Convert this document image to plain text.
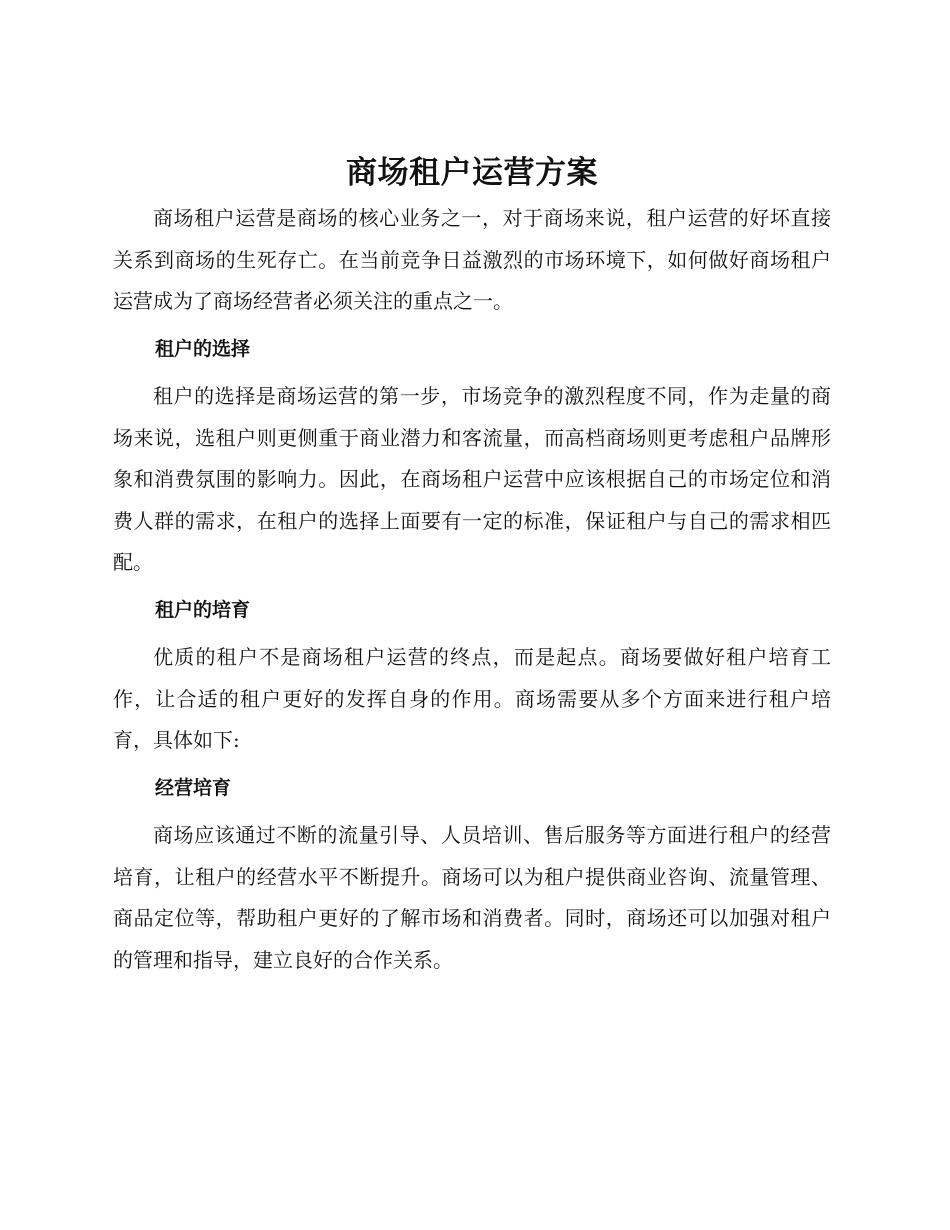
商场租户运营方案

商场租户运营是商场的核心业务之一，对于商场来说，租户运营的好坏直接关系到商场的生死存亡。在当前竞争日益激烈的市场环境下，如何做好商场租户运营成为了商场经营者必须关注的重点之一。

租户的选择

租户的选择是商场运营的第一步，市场竞争的激烈程度不同，作为走量的商场来说，选租户则更侧重于商业潜力和客流量，而高档商场则更考虑租户品牌形象和消费氛围的影响力。因此，在商场租户运营中应该根据自己的市场定位和消费人群的需求，在租户的选择上面要有一定的标准，保证租户与自己的需求相匹配。

租户的培育

优质的租户不是商场租户运营的终点，而是起点。商场要做好租户培育工作，让合适的租户更好的发挥自身的作用。商场需要从多个方面来进行租户培育，具体如下:

经营培育

商场应该通过不断的流量引导、人员培训、售后服务等方面进行租户的经营培育，让租户的经营水平不断提升。商场可以为租户提供商业咨询、流量管理、商品定位等，帮助租户更好的了解市场和消费者。同时，商场还可以加强对租户的管理和指导，建立良好的合作关系。
